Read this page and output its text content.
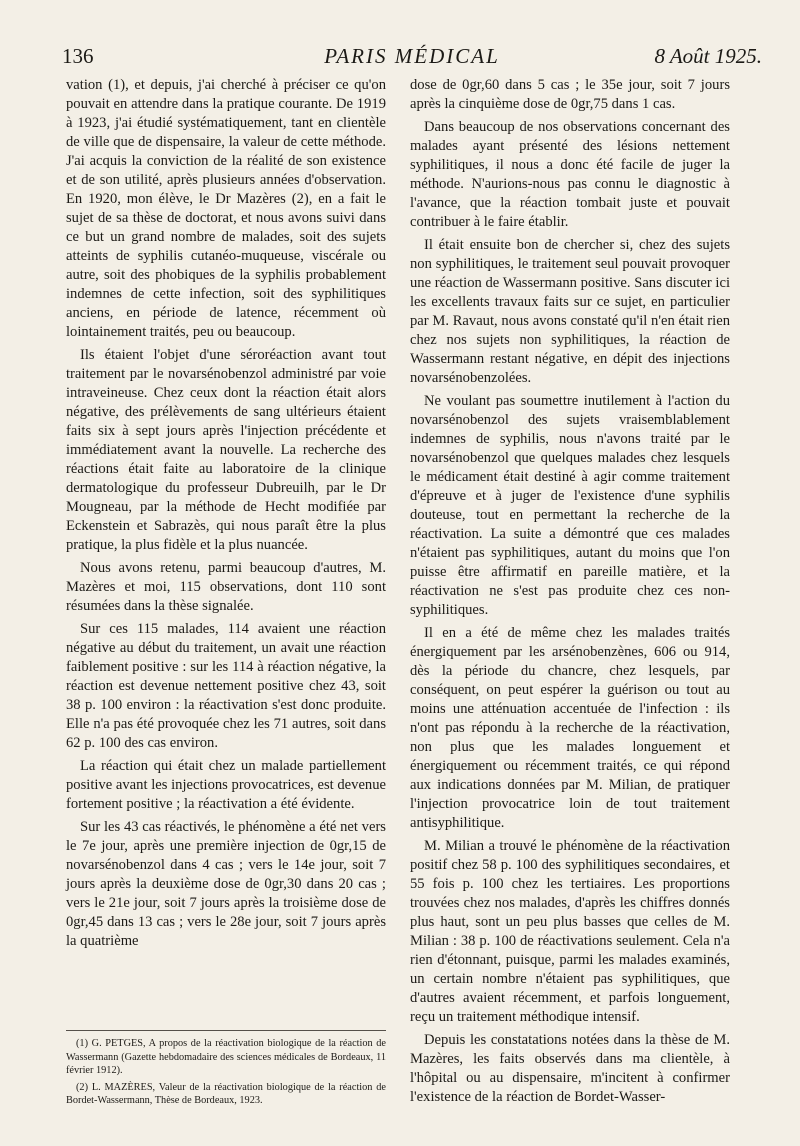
136	PARIS MÉDICAL	8 Août 1925.

vation (1), et depuis, j'ai cherché à préciser ce qu'on pouvait en attendre dans la pratique courante. De 1919 à 1923, j'ai étudié systématiquement, tant en clientèle de ville que de dispensaire, la valeur de cette méthode. J'ai acquis la conviction de la réalité de son existence et de son utilité, après plusieurs années d'observation. En 1920, mon élève, le Dr Mazères (2), en a fait le sujet de sa thèse de doctorat, et nous avons suivi dans ce but un grand nombre de malades, soit des sujets atteints de syphilis cutanéo-muqueuse, viscérale ou autre, soit des phobiques de la syphilis probablement indemnes de cette infection, soit des syphilitiques anciens, en période de latence, récemment où lointainement traités, peu ou beaucoup.

Ils étaient l'objet d'une séroréaction avant tout traitement par le novarsénobenzol administré par voie intraveineuse. Chez ceux dont la réaction était alors négative, des prélèvements de sang ultérieurs étaient faits six à sept jours après l'injection précédente et immédiatement avant la nouvelle. La recherche des réactions était faite au laboratoire de la clinique dermatologique du professeur Dubreuilh, par le Dr Mougneau, par la méthode de Hecht modifiée par Eckenstein et Sabrazès, qui nous paraît être la plus pratique, la plus fidèle et la plus nuancée.

Nous avons retenu, parmi beaucoup d'autres, M. Mazères et moi, 115 observations, dont 110 sont résumées dans la thèse signalée.

Sur ces 115 malades, 114 avaient une réaction négative au début du traitement, un avait une réaction faiblement positive : sur les 114 à réaction négative, la réaction est devenue nettement positive chez 43, soit 38 p. 100 environ : la réactivation s'est donc produite. Elle n'a pas été provoquée chez les 71 autres, soit dans 62 p. 100 des cas environ.

La réaction qui était chez un malade partiellement positive avant les injections provocatrices, est devenue fortement positive ; la réactivation a été évidente.

Sur les 43 cas réactivés, le phénomène a été net vers le 7e jour, après une première injection de 0gr,15 de novarsénobenzol dans 4 cas ; vers le 14e jour, soit 7 jours après la deuxième dose de 0gr,30 dans 20 cas ; vers le 21e jour, soit 7 jours après la troisième dose de 0gr,45 dans 13 cas ; vers le 28e jour, soit 7 jours après la quatrième

(1) G. PETGES, A propos de la réactivation biologique de la réaction de Wassermann (Gazette hebdomadaire des sciences médicales de Bordeaux, 11 février 1912).

(2) L. MAZÈRES, Valeur de la réactivation biologique de la réaction de Bordet-Wassermann, Thèse de Bordeaux, 1923.

dose de 0gr,60 dans 5 cas ; le 35e jour, soit 7 jours après la cinquième dose de 0gr,75 dans 1 cas.

Dans beaucoup de nos observations concernant des malades ayant présenté des lésions nettement syphilitiques, il nous a donc été facile de juger la méthode. N'aurions-nous pas connu le diagnostic à l'avance, que la réaction tombait juste et pouvait contribuer à le faire établir.

Il était ensuite bon de chercher si, chez des sujets non syphilitiques, le traitement seul pouvait provoquer une réaction de Wassermann positive. Sans discuter ici les excellents travaux faits sur ce sujet, en particulier par M. Ravaut, nous avons constaté qu'il n'en était rien chez nos sujets non syphilitiques, la réaction de Wassermann restant négative, en dépit des injections novarsénobenzolées.

Ne voulant pas soumettre inutilement à l'action du novarsénobenzol des sujets vraisemblablement indemnes de syphilis, nous n'avons traité par le novarsénobenzol que quelques malades chez lesquels le médicament était destiné à agir comme traitement d'épreuve et à juger de l'existence d'une syphilis douteuse, tout en permettant la recherche de la réactivation. La suite a démontré que ces malades n'étaient pas syphilitiques, autant du moins que l'on puisse être affirmatif en pareille matière, et la réactivation ne s'est pas produite chez ces non-syphilitiques.

Il en a été de même chez les malades traités énergiquement par les arsénobenzènes, 606 ou 914, dès la période du chancre, chez lesquels, par conséquent, on peut espérer la guérison ou tout au moins une atténuation accentuée de l'infection : ils n'ont pas répondu à la recherche de la réactivation, non plus que les malades longuement et énergiquement ou récemment traités, ce qui répond aux indications données par M. Milian, de pratiquer l'injection provocatrice loin de tout traitement antisyphilitique.

M. Milian a trouvé le phénomène de la réactivation positif chez 58 p. 100 des syphilitiques secondaires, et 55 fois p. 100 chez les tertiaires. Les proportions trouvées chez nos malades, d'après les chiffres donnés plus haut, sont un peu plus basses que celles de M. Milian : 38 p. 100 de réactivations seulement. Cela n'a rien d'étonnant, puisque, parmi les malades examinés, un certain nombre n'étaient pas syphilitiques, que d'autres avaient récemment, et parfois longuement, reçu un traitement méthodique intensif.

Depuis les constatations notées dans la thèse de M. Mazères, les faits observés dans ma clientèle, à l'hôpital ou au dispensaire, m'incitent à confirmer l'existence de la réaction de Bordet-Wasser-
